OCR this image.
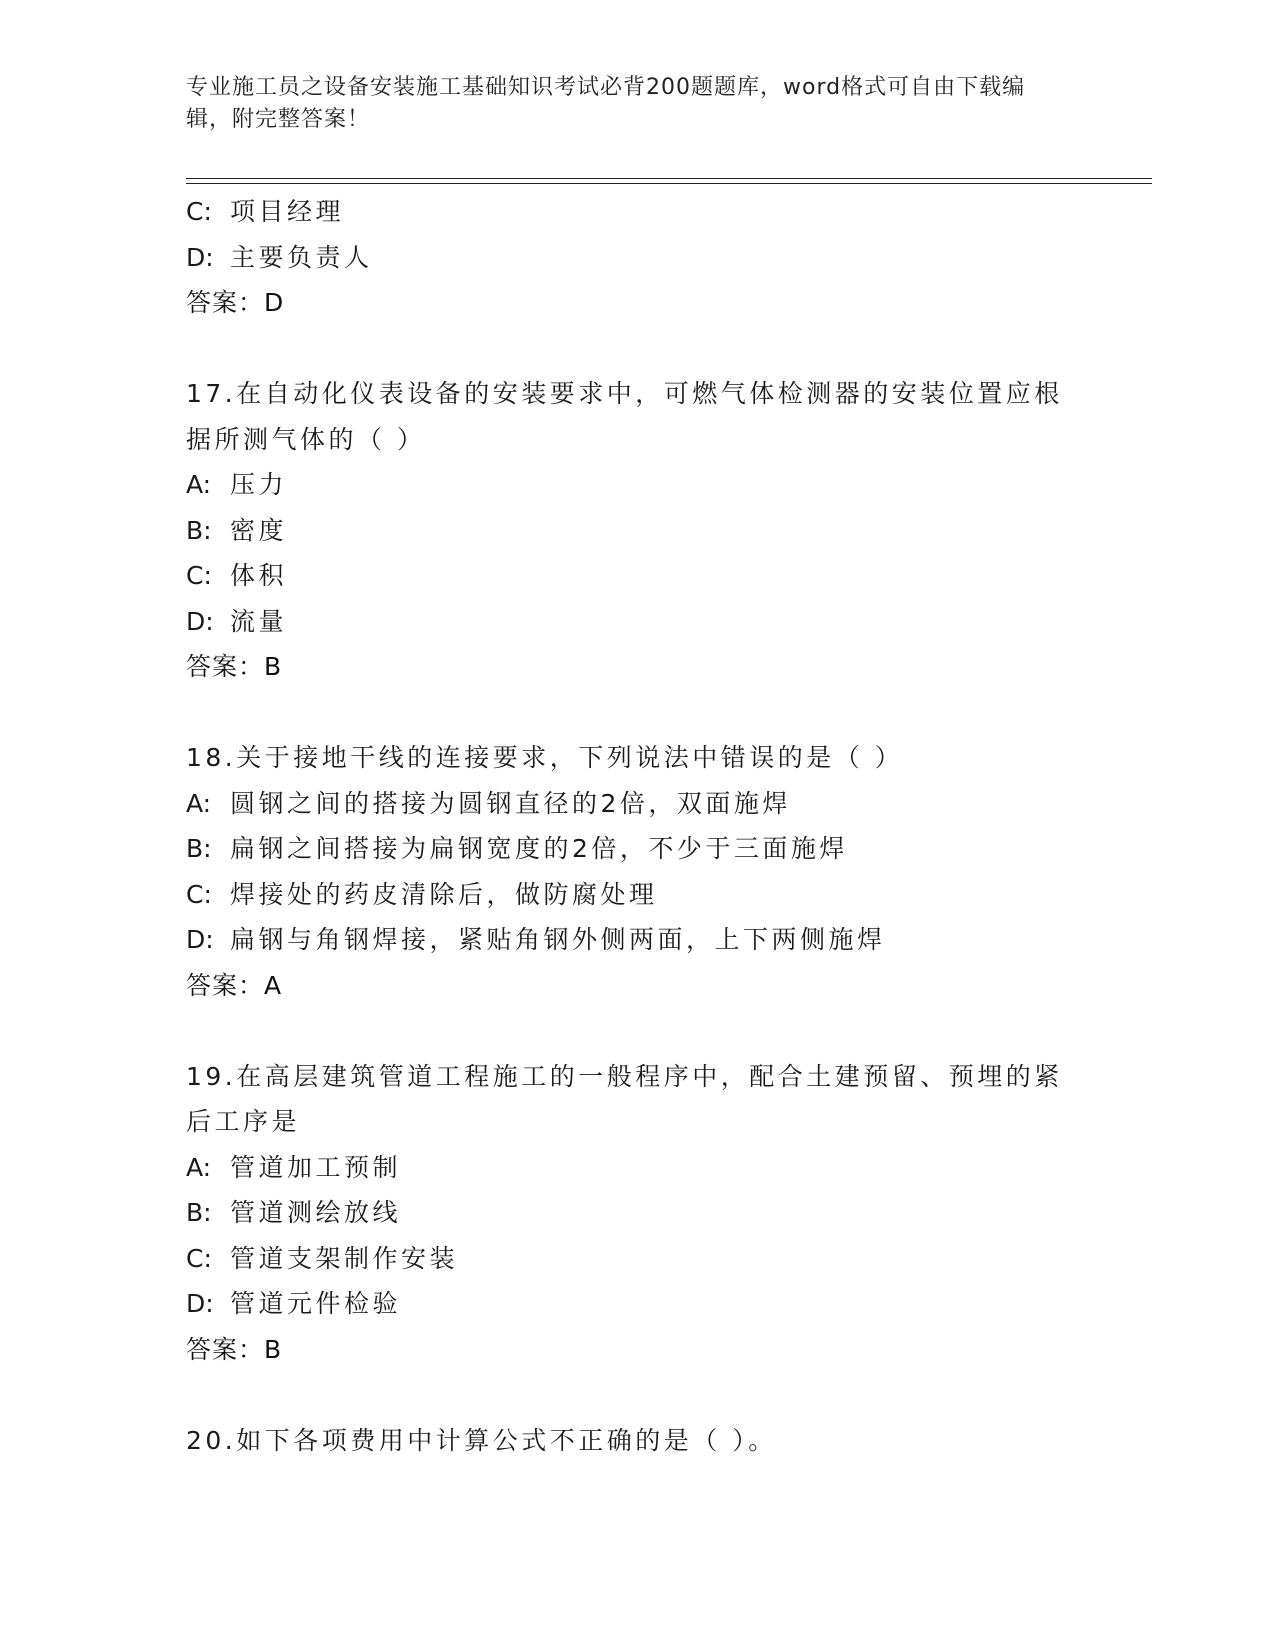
专业施工员之设备安装施工基础知识考试必背200题题库，word格式可自由下载编辑，附完整答案！
C: 项目经理
D: 主要负责人
答案：D
17.在自动化仪表设备的安装要求中，可燃气体检测器的安装位置应根据所测气体的（ ）
A: 压力
B: 密度
C: 体积
D: 流量
答案：B
18.关于接地干线的连接要求，下列说法中错误的是（ ）
A: 圆钢之间的搭接为圆钢直径的2倍，双面施焊
B: 扁钢之间搭接为扁钢宽度的2倍，不少于三面施焊
C: 焊接处的药皮清除后，做防腐处理
D: 扁钢与角钢焊接，紧贴角钢外侧两面，上下两侧施焊
答案：A
19.在高层建筑管道工程施工的一般程序中，配合土建预留、预埋的紧后工序是
A: 管道加工预制
B: 管道测绘放线
C: 管道支架制作安装
D: 管道元件检验
答案：B
20.如下各项费用中计算公式不正确的是（ ）。
